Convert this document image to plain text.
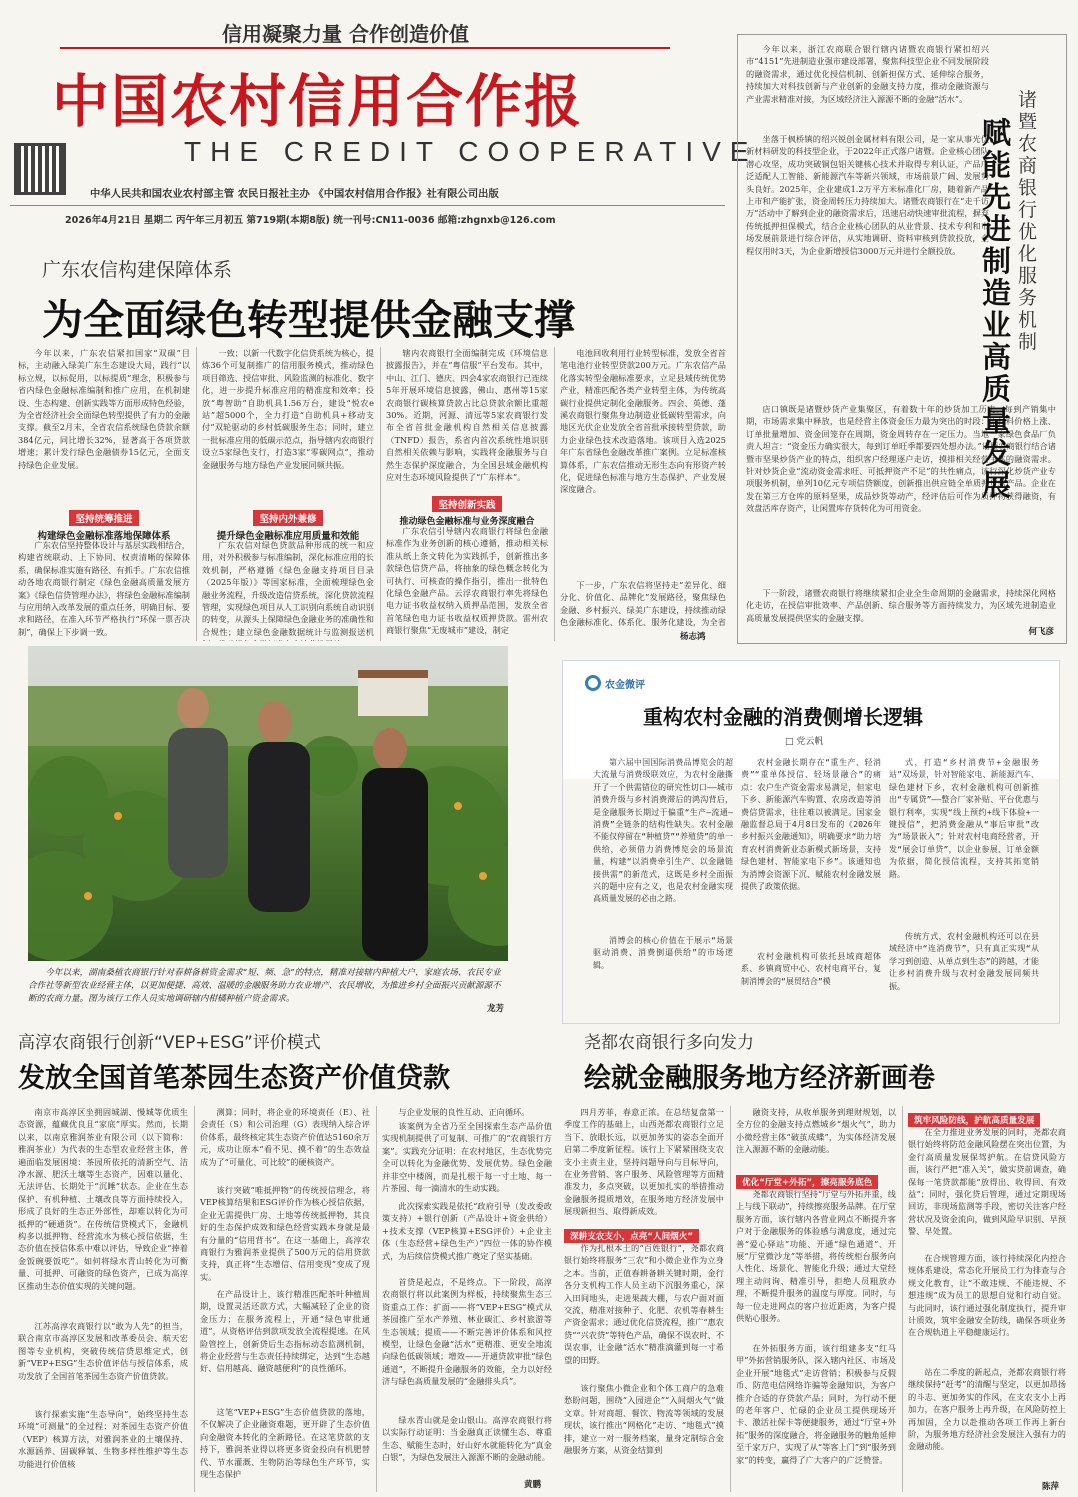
信用凝聚力量 合作创造价值
中国农村信用合作报
THE CREDIT COOPERATIVE
中华人民共和国农业农村部主管 农民日报社主办 《中国农村信用合作报》社有限公司出版
2026年4月21日 星期二 丙午年三月初五 第719期(本期8版) 统一刊号:CN11-0036 邮箱:zhgnxb@126.com
今年以来，浙江农商联合银行辖内诸暨农商银行紧扣绍兴市“4151”先进制造业强市建设部署，聚焦科技型企业不同发展阶段的融资需求，通过优化授信机制、创新担保方式、延伸综合服务，持续加大对科技创新与产业创新的金融支持力度，推动金融资源与产业需求精准对接，为区域经济注入源源不断的金融“活水”。
坐落于枫桥镇的绍兴锐创金属材料有限公司，是一家从事光伏新材料研发的科技型企业，于2022年正式落户诸暨。企业核心团队潜心攻坚，成功突破铜包铝关键核心技术并取得专利认证，产品广泛适配人工智能、新能源汽车等新兴领域，市场前景广阔、发展势头良好。2025年，企业建成1.2万平方米标准化厂房，随着新产品上市和产能扩张，资金周转压力持续加大。诸暨农商银行在“走千访万”活动中了解到企业的融资需求后，迅速启动快速审批流程，摒弃传统抵押担保模式，结合企业核心团队的从业背景、技术专利和市场发展前景进行综合评估，从实地调研、资料审核到贷款投放，全程仅用时3天，为企业新增授信3000万元并进行全额投放。
店口镇既是诸暨炒货产业集聚区，有着数十年的炒货加工历史。每到产销集中期，市场需求集中释放，也是经营主体资金压力最为突出的时段：原材料价格上涨、订单批量增加、资金回笼存在周期，资金周转存在一定压力。当地一家绿色食品厂负责人坦言：“资金压力确实很大，每到订单旺季都要四处想办法。”诸暨农商银行结合诸暨市坚果炒货产业的特点，组织客户经理逐户走访，摸排相关经营主体的融资需求。针对炒货企业“流动资金需求旺、可抵押资产不足”的共性痛点，该行深化炒货产业专项服务机制，单列10亿元专项信贷额度，创新推出供应链全单质押贷款产品。企业在发在第三方仓库的原料坚果，成品炒货等动产，经评估后可作为质押物获得融资，有效盘活库存资产，让闲置库存货转化为可用资金。
下一阶段，诸暨农商银行将继续紧扣企业全生命周期的金融需求，持续深化网格化走访，在授信审批效率、产品创新、综合服务等方面持续发力，为区域先进制造业高质量发展提供坚实的金融支撑。
何飞彦
诸暨农商银行优化服务机制
赋能先进制造业高质量发展
广东农信构建保障体系
为全面绿色转型提供金融支撑
今年以来，广东农信紧扣国家“双碳”目标，主动融入绿美广东生态建设大局，践行“以标立规，以标促用，以标提质”理念，积极参与省内绿色金融标准编制和推广应用，在机制建设、生态构建、创新实践等方面形成特色经验，为全省经济社会全面绿色转型提供了有力的金融支撑。截至2月末，全省农信系统绿色贷款余额384亿元，同比增长32%，显著高于各项贷款增速；累计发行绿色金融债券15亿元，全面支持绿色企业发展。
坚持统筹推进
构建绿色金融标准落地保障体系
广东农信坚持整体设计与基层实践相结合，构建省统联动、上下协同、权责清晰的保障体系，确保标准实施有路径、有抓手。广东农信推动各地农商银行制定《绿色金融高质量发展方案》《绿色信贷管理办法》，将绿色金融标准编制与应用纳入改革发展的重点任务，明确目标、要求和路径，在准入环节严格执行“环保一票否决制”，确保上下步调一致。
一致；以新一代数字化信贷系统为核心，提炼36个可复制推广的信用服务模式，推动绿色项目筛选、授信审批、风险监测的标准化、数字化，进一步提升标准应用的精准度和效率；投放“粤智助”自助机具1.56万台，建设“悦农e站”超5000个，全力打造“自助机具+移动支付”双轮驱动的乡村低碳服务生态；同时，建立一批标准应用的低碳示范点，指导辖内农商银行设立5家绿色支行，打造3家“零碳网点”，推动金融服务与地方绿色产业发展同频共振。
坚持内外兼修
提升绿色金融标准应用质量和效能
广东农信对绿色贷款品种形成的统一和应用，对外积极参与标准编制，深化标准应用的长效机制，严格遵循《绿色金融支持项目目录（2025年版）》等国家标准，全面梳理绿色金融业务流程，升级改造信贷系统，深化贷款流程管理，实现绿色项目从人工识别向系统自动识别的转变，从源头上保障绿色金融业务的准确性和合规性；建立绿色金融数据统计与监测报送机
辖内农商银行全面编制完成《环境信息披露报告》，并在“粤信服”平台发布。其中，中山、江门、德庆、四会4家农商银行已连续5年开展环境信息披露，佛山、惠州等15家农商银行碳核算贷款占比总贷款余额比重超30%。近期，河源、清远等5家农商银行发布全省首批金融机构自然相关信息披露（TNFD）报告，系省内首次系统性地识别自然相关依赖与影响，实践将金融服务与自然生态保护深度融合，为全国县域金融机构应对生态环境风险提供了“广东样本”。
坚持创新实践
推动绿色金融标准与业务深度融合
广东农信引导辖内农商银行将绿色金融标准作为业务创新的核心遵循，推动相关标准从纸上条文转化为实践抓手，创新推出多款绿色信贷产品，将抽象的绿色概念转化为可执行、可核查的操作指引，推出一批特色化绿色金融产品。云浮农商银行率先将绿色电力证书收益权纳入质押品范围，发放全省首笔绿色电力证书收益权质押贷款。雷州农商银行聚焦“无废城市”建设，制定
电池回收利用行业转型标准，发放全省首笔电池行业转型贷款200万元。广东农信产品化落实转型金融标准要求，立足县域传统优势产业，精准匹配各类产业转型主体，为传统高碳行业提供定制化金融服务。四会、英德、蓬溪农商银行聚焦身边制造业低碳转型需求，向地区光伏企业发放全省首批承接转型贷款，助力企业绿色技术改造落地。该项目入选2025年广东省绿色金融改革推广案例。立足标准核算体系，广东农信推动无形生态向有形资产转化，促进绿色标准与地方生态保护、产业发展深度融合。
下一步，广东农信将坚持走“差异化、细分化、价值化、品牌化”发展路径，聚焦绿色金融、乡村振兴、绿美广东建设，持续推动绿色金融标准化、体系化、服务化建设，为全省
杨志鸿
今年以来，湖南桑植农商银行针对春耕备耕资金需求“短、频、急”的特点，精准对接辖内种植大户、家庭农场、农民专业合作社等新型农业经营主体，以更加便捷、高效、温暖的金融服务助力农业增产、农民增收，为推进乡村全面振兴贡献源源不断的农商力量。图为该行工作人员实地调研辖内柑橘种植户资金需求。
龙芳
农金微评
重构农村金融的消费侧增长逻辑
□ 党云帆
第六届中国国际消费品博览会的超大流量与消费级联效应，为农村金融撕开了一个供需错位的研究性切口——城市消费升级与乡村消费滞后的鸿沟背后，是金融服务长期过于偏重“生产—流通—消费”全链条的结构性缺失。农村金融不能仅停留在“种植贷”“养殖贷”的单一供给，必须借力消费博览会的场景流量，构建“以消费牵引生产、以金融链接供需”的新范式，这既是乡村全面振兴的题中应有之义，也是农村金融实现高质量发展的必由之路。
消博会的核心价值在于展示“场景驱动消费、消费倒逼供给”的市场逻辑。
农村金融长期存在“重生产、轻消费”“重单体授信、轻场景融合”的痛点：农户生产资金需求易满足，但家电下乡、新能源汽车购置、农房改造等消费信贷需求，往往难以被满足。国家金融监督总局于4月8日发布的《2026年乡村振兴金融通知》，明确要求“助力培育农村消费新业态新模式新场景，支持绿色建材、智能家电下乡”。该通知也为消博会资源下沉、赋能农村金融发展提供了政策依据。
农村金融机构可依托县域商超体系、乡镇商贸中心、农村电商平台，复制消博会的“展贸结合”模
式，打造“乡村消费节+金融服务站”双场景，针对智能家电、新能源汽车、绿色建材下乡，农村金融机构可创新推出“专属贷”——整合厂家补贴、平台优惠与银行利率，实现“线上预约+线下体验+一键授信”，把消费金融从“事后审批”改为“场景嵌入”；针对农村电商经营者，开发“展会订单贷”，以企业参展、订单金额为依据，简化授信流程，支持其拓宽销路。
传统方式，农村金融机构还可以在县域经济中“连消费节”，只有真正实现“从学习到创造、从单点到生态”的跨越，才能让乡村消费升级与农村金融发展同频共振。
高淳农商银行创新“VEP+ESG”评价模式
发放全国首笔茶园生态资产价值贷款
南京市高淳区坐拥固城湖、慢城等优质生态资源，蕴藏优良且“家底”厚实。然而，长期以来，以南京雅润茶业有限公司（以下简称：雅润茶业）为代表的生态型农业经营主体，普遍面临发展困境：茶园所依托的清新空气、洁净水源、肥沃土壤等生态资产，因难以量化、无法评估、长期处于“沉睡”状态。企业在生态保护、有机种植、土壤改良等方面持续投入，形成了良好的生态正外部性，却难以转化为可抵押的“硬通货”。在传统信贷模式下，金融机构多以抵押物、经营流水为核心授信依据，生态价值在授信体系中难以评估，导致企业“捧着金饭碗要饭吃”。如何将绿水青山转化为可衡量、可抵押、可融资的绿色资产，已成为高淳区推动生态价值实现的关键问题。
江苏高淳农商银行以“敢为人先”的担当，联合南京市高淳区发展和改革委员会、航天宏图等专业机构，突破传统信贷思维定式，创新“VEP+ESG”生态价值评估与授信体系，成功发放了全国首笔茶园生态资产价值贷款。
该行探索实施“生态导向”，始终坚持生态环境“可测量”的全过程：对茶园生态资产价值（VEP）核算方法，对雅润茶业的土壤保持、水源涵养、固碳释氧、生物多样性维护等生态功能进行价值核
测算；同时，将企业的环境责任（E）、社会责任（S）和公司治理（G）表现纳入综合评价体系，最终核定其生态资产价值达5160余万元，成功让原本“看不见、摸不着”的生态效益成为了“可量化、可比较”的硬核资产。
该行突破“唯抵押物”的传统授信理念，将VEP核算结果和ESG评价作为核心授信依据，企业无需提供厂房、土地等传统抵押物，其良好的生态保护成效和绿色经营实践本身就是最有分量的“信用背书”。在这一基础上，高淳农商银行为雅润茶业提供了500万元的信用贷款支持，真正将“生态增信、信用变现”变成了现实。
在产品设计上，该行精准匹配茶叶种植周期，设置灵活还款方式，大幅减轻了企业的资金压力；在服务流程上，开通“绿色审批通道”，从资格评估到款项发放全流程提速。在风险管控上，创新贷后生态指标动态监测机制，将企业经营与生态责任持续绑定，达到“生态越好、信用越高、融资越便利”的良性循环。
这笔“VEP+ESG”生态价值贷款的落地，不仅解决了企业融资难题，更开辟了生态价值向金融资本转化的全新路径。在这笔贷款的支持下，雅润茶业得以将更多资金投向有机肥替代、节水灌溉、生物防治等绿色生产环节，实现生态保护
与企业发展的良性互动、正向循环。
该案例为全省乃至全国探索生态产品价值实现机制提供了可复制、可推广的“农商银行方案”。实践充分证明：在农村地区，生态优势完全可以转化为金融优势、发展优势。绿色金融并非空中楼阁，而是扎根于每一寸土地、每一片茶园、每一滴清水的生动实践。
此次探索实践是依托“政府引导（发改委政策支持）+银行创新（产品设计+资金供给）+技术支撑（VEP核算+ESG评价）+企业主体（生态经营+绿色生产）”四位一体的协作模式，为后续信贷模式推广奠定了坚实基础。
首贷是起点，不是终点。下一阶段，高淳农商银行将以此案例为样板，持续聚焦生态三资重点工作：扩面——将“VEP+ESG”模式从茶园推广至水产养殖、林业碳汇、乡村旅游等生态领域；提质——不断完善评价体系和风控模型，让绿色金融“活水”更精准、更安全地流向绿色低碳领域；增效——开通贷款审批“绿色通道”，不断提升金融服务的效能，全力以好经济与绿色高质量发展的“金融排头兵”。
绿水青山就是金山银山。高淳农商银行将以实际行动证明：当金融真正读懂生态、尊重生态、赋能生态时，好山好水就能转化为“真金白银”，为绿色发展注入源源不断的金融动能。
黄鹏
尧都农商银行多向发力
绘就金融服务地方经济新画卷
四月芳菲，春意正浓。在总结复盘第一季度工作的基础上，山西尧都农商银行立足当下、放眼长远，以更加务实的姿态全面开启第二季度新征程。该行上下紧紧围绕支农支小主责主业，坚持问题导向与目标导向，在业务营销、客户服务、风险管理等方面精准发力，多点突破，以更加扎实的举措推动金融服务提质增效，在服务地方经济发展中展现新担当、取得新成效。
深耕支农支小，点亮“人间烟火”
作为扎根本土的“百姓银行”，尧都农商银行始终将服务“三农”和小微企业作为立身之本。当前，正值春耕备耕关键时期，金行各分支机构工作人员主动下沉服务重心，深入田间地头，走进果蔬大棚，与农户面对面交流，精准对接种子、化肥、农机等春耕生产资金需求；通过优化信贷流程，推广“惠农贷”“兴农贷”等特色产品，确保不误农时、不误农事，让金融“活水”精准滴灌到每一寸希望的田野。
该行聚焦小微企业和个体工商户的急难愁盼问题，围绕“入园进企”“入间烟火气”做文章。针对商超、餐饮、物流等领域的发展现状，该行推出“网格化”走访、“地毯式”摸排，建立一对一服务档案，量身定制综合金融服务方案，从资金结算到
融资支持，从收单服务到理财规划，以全方位的金融支持点燃城乡“烟火气”，助力小微经营主体“破茧成蝶”，为实体经济发展注入源源不断的金融动能。
优化“厅堂+外拓”，擦亮服务底色
尧都农商银行坚持“厅堂与外拓并重，线上与线下联动”，持续擦亮服务品牌。在厅堂服务方面，该行辖内各营业网点不断提升客户对于金融服务的体验感与满意度，通过完善“爱心驿站”功能、开通“绿色通道”、开展“厅堂微沙龙”等举措，将传统柜台服务向人性化、场景化、智能化升级；通过大堂经理主动问询、精准引导，拒绝人员粗放办理，不断提升服务的温度与厚度。同时，与每一位走进网点的客户拉近距离，为客户提供贴心服务。
在外拓服务方面，该行组建多支“红马甲”外拓营销服务队，深入辖内社区、市场及企业开展“地毯式”走访营销；积极参与反假币、防范电信网络诈骗等金融知识，为客户推介合适的存贷款产品；同时，为行动不便的老年客户、忙碌的企业员工提供现场开卡、激活社保卡等便捷服务，通过“厅堂+外拓”服务的深度融合，将金融服务的触角延伸至千家万户，实现了从“等客上门”到“服务到家”的转变，赢得了广大客户的广泛赞誉。
筑牢风险防线，护航高质量发展
在全力推进业务发展的同时，尧都农商银行始终将防范金融风险摆在突出位置，为金行高质量发展保驾护航。在信贷风险方面，该行严把“准入关”，做实贷前调查，确保每一笔贷款都能“放得出、收得回、有效益”；同时，强化贷后管理，通过定期现场回访，非现场监测等手段，密切关注客户经营状况及资金流向，做到风险早识别、早预警、早处置。
在合规管理方面，该行持续深化内控合规体系建设，常态化开展员工行为排查与合规文化教育，让“不敢违规、不能违规、不想违规”成为员工的思想自觉和行动自觉。与此同时，该行通过强化制度执行，提升审计质效，筑牢金融安全防线，确保各项业务在合规轨道上平稳健康运行。
站在二季度的新起点，尧都农商银行将继续保持“赶考”的清醒与坚定，以更加昂扬的斗志、更加务实的作风，在支农支小上再加力，在客户服务上再升级，在风险防控上再加固，全力以赴推动各项工作再上新台阶，为服务地方经济社会发展注入强有力的金融动能。
陈萍
